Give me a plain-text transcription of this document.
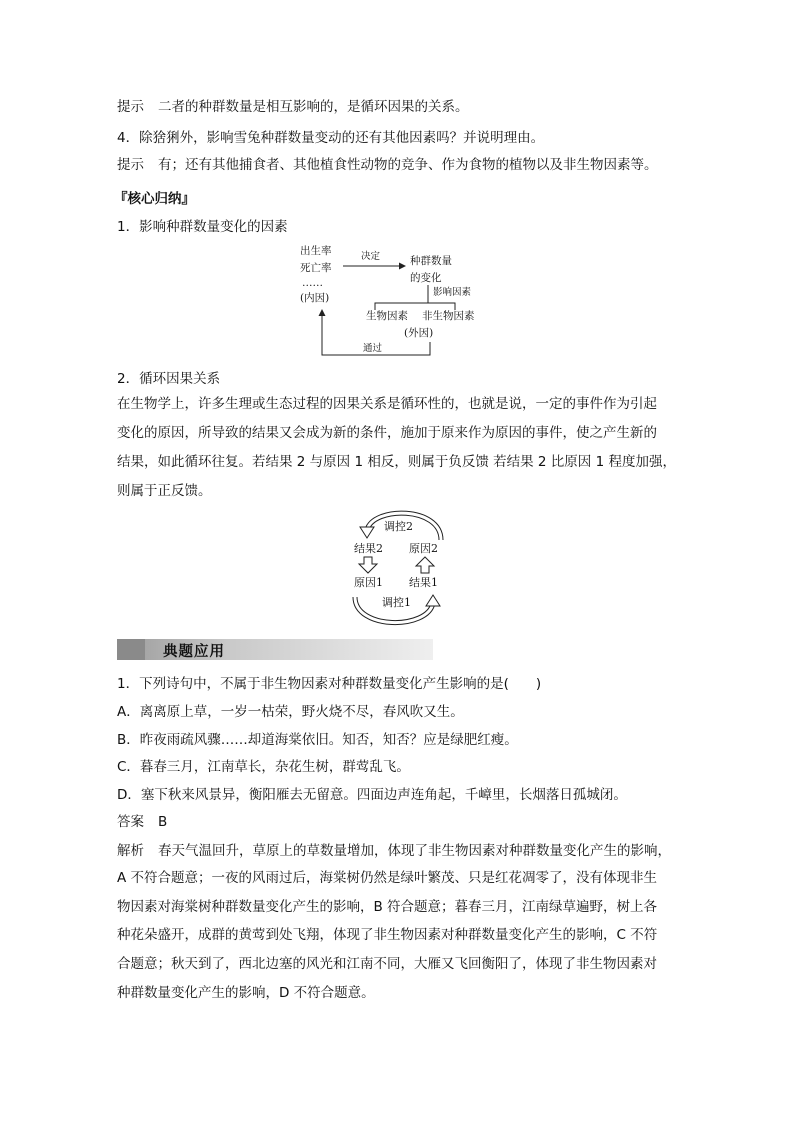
提示 二者的种群数量是相互影响的，是循环因果的关系。
4．除猞猁外，影响雪兔种群数量变动的还有其他因素吗？并说明理由。
提示 有；还有其他捕食者、其他植食性动物的竞争、作为食物的植物以及非生物因素等。
『核心归纳』
1．影响种群数量变化的因素
出生率
死亡率
……
(内因)
决定	种群数量
的变化
影响因素
生物因素 非生物因素
(外因)
通过
2．循环因果关系
在生物学上，许多生理或生态过程的因果关系是循环性的，也就是说，一定的事件作为引起
变化的原因，所导致的结果又会成为新的条件，施加于原来作为原因的事件，使之产生新的
结果，如此循环往复。若结果 2 与原因 1 相反，则属于负反馈 若结果 2 比原因 1 程度加强，
则属于正反馈。
调控2
结果2 原因2
原因1 结果1
调控1
典题应用
1．下列诗句中，不属于非生物因素对种群数量变化产生影响的是(　　)
A．离离原上草，一岁一枯荣，野火烧不尽，春风吹又生。
B．昨夜雨疏风骤……却道海棠依旧。知否，知否？应是绿肥红瘦。
C．暮春三月，江南草长，杂花生树，群莺乱飞。
D．塞下秋来风景异，衡阳雁去无留意。四面边声连角起，千嶂里，长烟落日孤城闭。
答案 B
解析 春天气温回升，草原上的草数量增加，体现了非生物因素对种群数量变化产生的影响，
A 不符合题意；一夜的风雨过后，海棠树仍然是绿叶繁茂、只是红花凋零了，没有体现非生
物因素对海棠树种群数量变化产生的影响，B 符合题意；暮春三月，江南绿草遍野，树上各
种花朵盛开，成群的黄莺到处飞翔，体现了非生物因素对种群数量变化产生的影响，C 不符
合题意；秋天到了，西北边塞的风光和江南不同，大雁又飞回衡阳了，体现了非生物因素对
种群数量变化产生的影响，D 不符合题意。
